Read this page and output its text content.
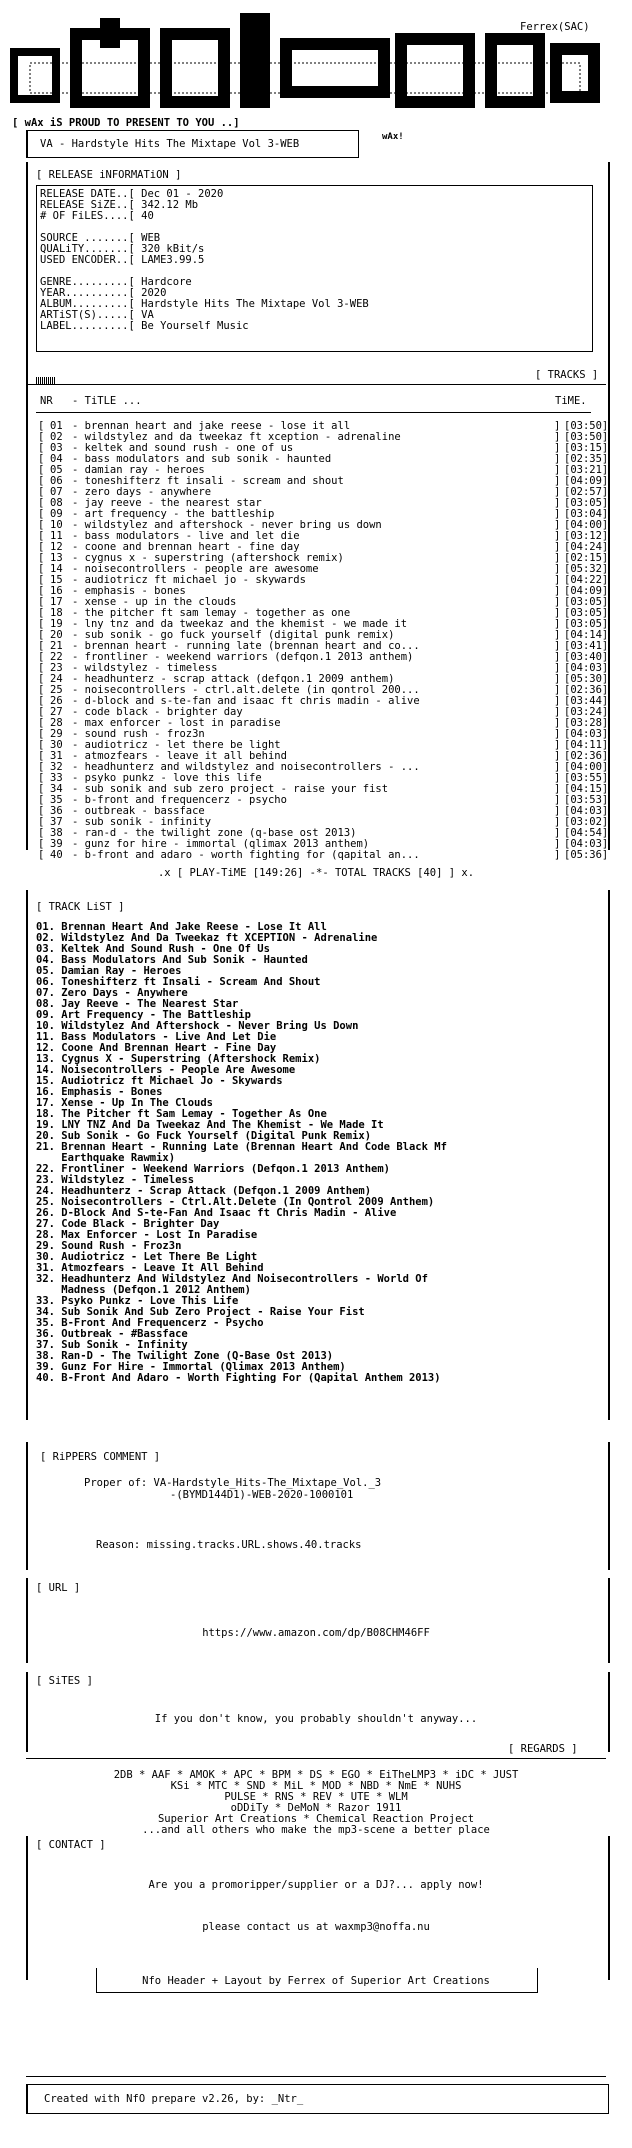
Ferrex(SAC)
[ wAx iS PROUD TO PRESENT TO YOU ..]
wAx!
VA - Hardstyle Hits The Mixtape Vol 3-WEB
[ RELEASE iNFORMATiON ]
RELEASE DATE..[ Dec 01 - 2020
RELEASE SiZE..[ 342.12 Mb
# OF FiLES....[ 40

SOURCE .......[ WEB
QUALiTY.......[ 320 kBit/s
USED ENCODER..[ LAME3.99.5

GENRE.........[ Hardcore
YEAR..........[ 2020
ALBUM.........[ Hardstyle Hits The Mixtape Vol 3-WEB
ARTiST(S).....[ VA
LABEL.........[ Be Yourself Music
[ TRACKS ]
NR - TiTLE ...	TiME.
[ 01 - brennan heart and jake reese - lose it all	] [03:50]
[ 02 - wildstylez and da tweekaz ft xception - adrenaline	] [03:50]
[ 03 - keltek and sound rush - one of us	] [03:15]
[ 04 - bass modulators and sub sonik - haunted	] [02:35]
[ 05 - damian ray - heroes	] [03:21]
[ 06 - toneshifterz ft insali - scream and shout	] [04:09]
[ 07 - zero days - anywhere	] [02:57]
[ 08 - jay reeve - the nearest star	] [03:05]
[ 09 - art frequency - the battleship	] [03:04]
[ 10 - wildstylez and aftershock - never bring us down	] [04:00]
[ 11 - bass modulators - live and let die	] [03:12]
[ 12 - coone and brennan heart - fine day	] [04:24]
[ 13 - cygnus x - superstring (aftershock remix)	] [02:15]
[ 14 - noisecontrollers - people are awesome	] [05:32]
[ 15 - audiotricz ft michael jo - skywards	] [04:22]
[ 16 - emphasis - bones	] [04:09]
[ 17 - xense - up in the clouds	] [03:05]
[ 18 - the pitcher ft sam lemay - together as one	] [03:05]
[ 19 - lny tnz and da tweekaz and the khemist - we made it	] [03:05]
[ 20 - sub sonik - go fuck yourself (digital punk remix)	] [04:14]
[ 21 - brennan heart - running late (brennan heart and co...	] [03:41]
[ 22 - frontliner - weekend warriors (defqon.1 2013 anthem)	] [03:40]
[ 23 - wildstylez - timeless	] [04:03]
[ 24 - headhunterz - scrap attack (defqon.1 2009 anthem)	] [05:30]
[ 25 - noisecontrollers - ctrl.alt.delete (in qontrol 200...	] [02:36]
[ 26 - d-block and s-te-fan and isaac ft chris madin - alive	] [03:44]
[ 27 - code black - brighter day	] [03:24]
[ 28 - max enforcer - lost in paradise	] [03:28]
[ 29 - sound rush - froz3n	] [04:03]
[ 30 - audiotricz - let there be light	] [04:11]
[ 31 - atmozfears - leave it all behind	] [02:36]
[ 32 - headhunterz and wildstylez and noisecontrollers - ...	] [04:00]
[ 33 - psyko punkz - love this life	] [03:55]
[ 34 - sub sonik and sub zero project - raise your fist	] [04:15]
[ 35 - b-front and frequencerz - psycho	] [03:53]
[ 36 - outbreak - bassface	] [04:03]
[ 37 - sub sonik - infinity	] [03:02]
[ 38 - ran-d - the twilight zone (q-base ost 2013)	] [04:54]
[ 39 - gunz for hire - immortal (qlimax 2013 anthem)	] [04:03]
[ 40 - b-front and adaro - worth fighting for (qapital an...	] [05:36]
.x [ PLAY-TiME [149:26] -*- TOTAL TRACKS [40] ] x.
[ TRACK LiST ]
01. Brennan Heart And Jake Reese - Lose It All
02. Wildstylez And Da Tweekaz ft XCEPTION - Adrenaline
03. Keltek And Sound Rush - One Of Us
04. Bass Modulators And Sub Sonik - Haunted
05. Damian Ray - Heroes
06. Toneshifterz ft Insali - Scream And Shout
07. Zero Days - Anywhere
08. Jay Reeve - The Nearest Star
09. Art Frequency - The Battleship
10. Wildstylez And Aftershock - Never Bring Us Down
11. Bass Modulators - Live And Let Die
12. Coone And Brennan Heart - Fine Day
13. Cygnus X - Superstring (Aftershock Remix)
14. Noisecontrollers - People Are Awesome
15. Audiotricz ft Michael Jo - Skywards
16. Emphasis - Bones
17. Xense - Up In The Clouds
18. The Pitcher ft Sam Lemay - Together As One
19. LNY TNZ And Da Tweekaz And The Khemist - We Made It
20. Sub Sonik - Go Fuck Yourself (Digital Punk Remix)
21. Brennan Heart - Running Late (Brennan Heart And Code Black Mf
Earthquake Rawmix)
22. Frontliner - Weekend Warriors (Defqon.1 2013 Anthem)
23. Wildstylez - Timeless
24. Headhunterz - Scrap Attack (Defqon.1 2009 Anthem)
25. Noisecontrollers - Ctrl.Alt.Delete (In Qontrol 2009 Anthem)
26. D-Block And S-te-Fan And Isaac ft Chris Madin - Alive
27. Code Black - Brighter Day
28. Max Enforcer - Lost In Paradise
29. Sound Rush - Froz3n
30. Audiotricz - Let There Be Light
31. Atmozfears - Leave It All Behind
32. Headhunterz And Wildstylez And Noisecontrollers - World Of
Madness (Defqon.1 2012 Anthem)
33. Psyko Punkz - Love This Life
34. Sub Sonik And Sub Zero Project - Raise Your Fist
35. B-Front And Frequencerz - Psycho
36. Outbreak - #Bassface
37. Sub Sonik - Infinity
38. Ran-D - The Twilight Zone (Q-Base Ost 2013)
39. Gunz For Hire - Immortal (Qlimax 2013 Anthem)
40. B-Front And Adaro - Worth Fighting For (Qapital Anthem 2013)
[ RiPPERS COMMENT ]
Proper of: VA-Hardstyle_Hits-The_Mixtape_Vol._3
-(BYMD144D1)-WEB-2020-1000101
Reason: missing.tracks.URL.shows.40.tracks
[ URL ]
https://www.amazon.com/dp/B08CHM46FF
[ SiTES ]
If you don't know, you probably shouldn't anyway...
[ REGARDS ]
2DB * AAF * AMOK * APC * BPM * DS * EGO * EiTheLMP3 * iDC * JUST
KSi * MTC * SND * MiL * MOD * NBD * NmE * NUHS
PULSE * RNS * REV * UTE * WLM
oDDiTy * DeMoN * Razor 1911
Superior Art Creations * Chemical Reaction Project
...and all others who make the mp3-scene a better place
[ CONTACT ]
Are you a promoripper/supplier or a DJ?... apply now!
please contact us at waxmp3@noffa.nu
Nfo Header + Layout by Ferrex of Superior Art Creations
Created with NfO prepare v2.26, by: _Ntr_
